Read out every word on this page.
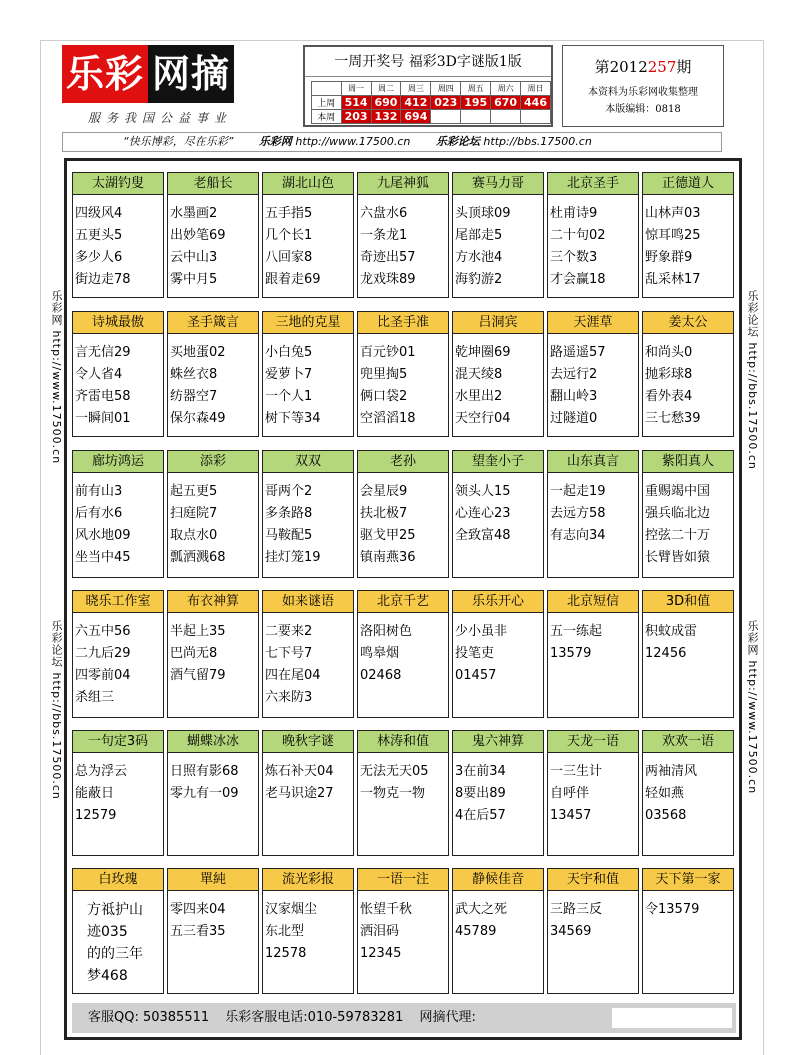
乐彩 网摘
服务我国公益事业
一周开奖号 福彩3D字谜版1版
	周一	周二	周三	周四	周五	周六	周日
上周	514	690	412	023	195	670	446
本周	203	132	694				
第2012257期
本资料为乐彩网收集整理
本版编辑：0818
“快乐博彩，尽在乐彩” 乐彩网 http://www.17500.cn 乐彩论坛 http://bbs.17500.cn
乐彩网 http://www.17500.cn
乐彩论坛 http://bbs.17500.cn
乐彩论坛 http://bbs.17500.cn
乐彩网 http://www.17500.cn
太湖钓叟
四级风4
五更头5
多少人6
街边走78
老船长
水墨画2
出妙笔69
云中山3
雾中月5
湖北山色
五手指5
几个长1
八回家8
跟着走69
九尾神狐
六盘水6
一条龙1
奇迹出57
龙戏珠89
赛马力哥
头顶球09
尾部走5
方水池4
海豹游2
北京圣手
杜甫诗9
二十句02
三个数3
才会赢18
正德道人
山林声03
惊耳鸣25
野象群9
乱采林17
诗城最傲
言无信29
令人省4
齐雷电58
一瞬间01
圣手箴言
买地蛋02
蛛丝衣8
纺器空7
保尔森49
三地的克星
小白兔5
爱萝卜7
一个人1
树下等34
比圣手准
百元钞01
兜里掏5
俩口袋2
空滔滔18
吕洞宾
乾坤圈69
混天绫8
水里出2
天空行04
天涯草
路遥遥57
去远行2
翻山岭3
过隧道0
姜太公
和尚头0
抛彩球8
看外表4
三七愁39
廊坊鸿运
前有山3
后有水6
风水地09
坐当中45
添彩
起五更5
扫庭院7
取点水0
瓢洒溅68
双双
哥两个2
多条路8
马鞍配5
挂灯笼19
老孙
会星辰9
扶北极7
驱戈甲25
镇南燕36
望奎小子
领头人15
心连心23
全致富48
山东真言
一起走19
去远方58
有志向34
紫阳真人
重赐竭中国
强兵临北边
控弦二十万
长臂皆如猿
晓乐工作室
六五中56
二九后29
四零前04
杀组三
布衣神算
半起上35
巴尚无8
酒气留79
如来谜语
二要来2
七下号7
四在尾04
六来防3
北京千艺
洛阳树色
鸣皋烟
02468
乐乐开心
少小虽非
投笔吏
01457
北京短信
五一练起
13579
3D和值
积蚊成雷
12456
一句定3码
总为浮云
能蔽日
12579
蝴蝶冰冰
日照有影68
零九有一09
晚秋字谜
炼石补天04
老马识途27
林涛和值
无法无天05
一物克一物
鬼六神算
3在前34
8要出89
4在后57
天龙一语
一三生计
自呼伴
13457
欢欢一语
两袖清风
轻如燕
03568
白玫瑰
方祗护山
迹035
的的三年
梦468
單純
零四来04
五三看35
流光彩报
汉家烟尘
东北型
12578
一语一注
怅望千秋
洒泪码
12345
静候佳音
武大之死
45789
天宇和值
三路三反
34569
天下第一家
令13579
客服QQ: 50385511 乐彩客服电话:010-59783281 网摘代理:
